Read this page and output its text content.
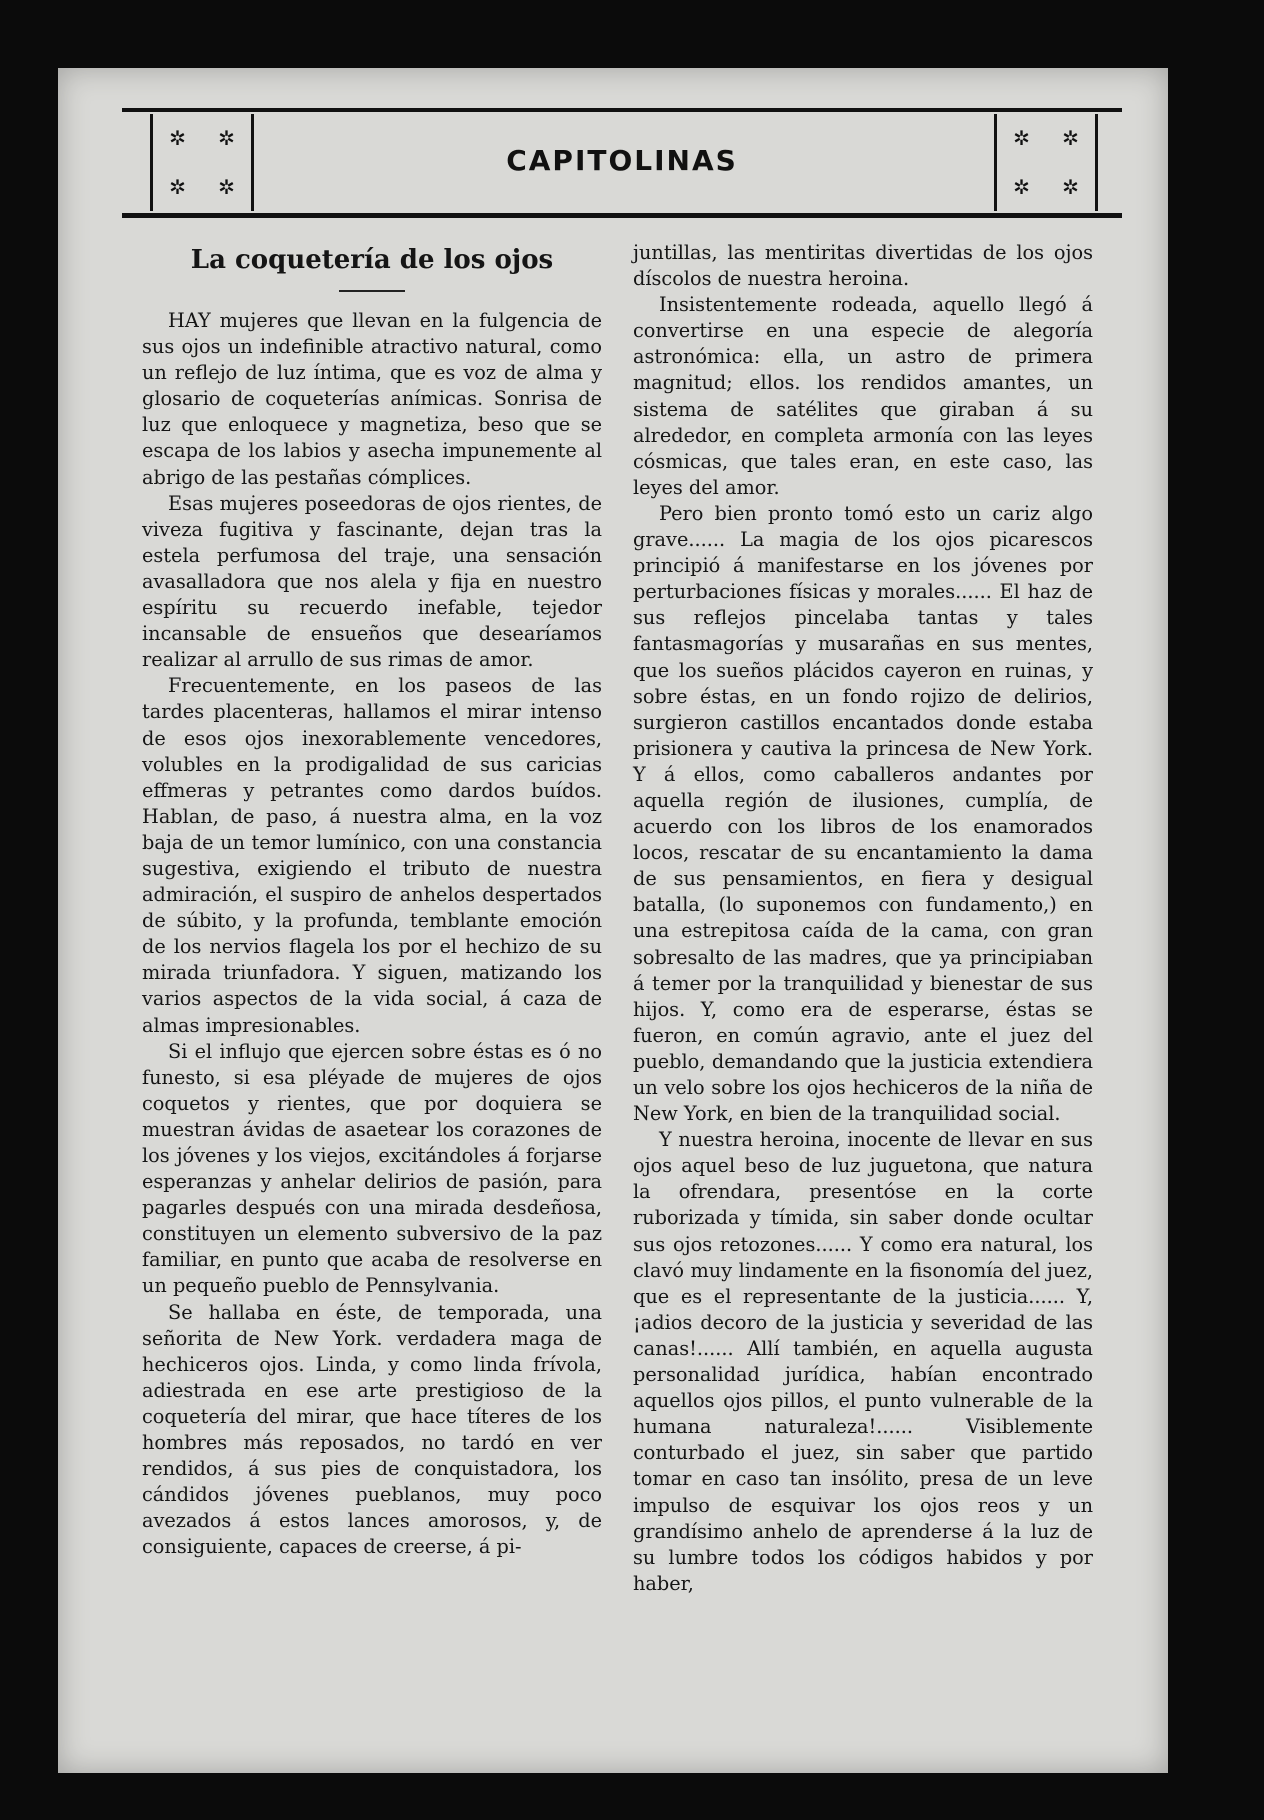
✲ ✲
✲ ✲
CAPITOLINAS
✲ ✲
✲ ✲
La coquetería de los ojos

HAY mujeres que llevan en la fulgencia de sus ojos un indefinible atractivo natural, como un reflejo de luz íntima, que es voz de alma y glosario de coqueterías anímicas. Sonrisa de luz que enloquece y magnetiza, beso que se escapa de los labios y asecha impunemente al abrigo de las pestañas cómplices.

Esas mujeres poseedoras de ojos rientes, de viveza fugitiva y fascinante, dejan tras la estela perfumosa del traje, una sensación avasalladora que nos alela y fija en nuestro espíritu su recuerdo inefable, tejedor incansable de ensueños que desearíamos realizar al arrullo de sus rimas de amor.

Frecuentemente, en los paseos de las tardes placenteras, hallamos el mirar intenso de esos ojos inexorablemente vencedores, volubles en la prodigalidad de sus caricias effmeras y petrantes como dardos buídos. Hablan, de paso, á nuestra alma, en la voz baja de un temor lumínico, con una constancia sugestiva, exigiendo el tributo de nuestra admiración, el suspiro de anhelos despertados de súbito, y la profunda, temblante emoción de los nervios flagela los por el hechizo de su mirada triunfadora. Y siguen, matizando los varios aspectos de la vida social, á caza de almas impresionables.

Si el influjo que ejercen sobre éstas es ó no funesto, si esa pléyade de mujeres de ojos coquetos y rientes, que por doquiera se muestran ávidas de asaetear los corazones de los jóvenes y los viejos, excitándoles á forjarse esperanzas y anhelar delirios de pasión, para pagarles después con una mirada desdeñosa, constituyen un elemento subversivo de la paz familiar, en punto que acaba de resolverse en un pequeño pueblo de Pennsylvania.

Se hallaba en éste, de temporada, una señorita de New York. verdadera maga de hechiceros ojos. Linda, y como linda frívola, adiestrada en ese arte prestigioso de la coquetería del mirar, que hace títeres de los hombres más reposados, no tardó en ver rendidos, á sus pies de conquistadora, los cándidos jóvenes pueblanos, muy poco avezados á estos lances amorosos, y, de consiguiente, capaces de creerse, á pi-

juntillas, las mentiritas divertidas de los ojos díscolos de nuestra heroina.

Insistentemente rodeada, aquello llegó á convertirse en una especie de alegoría astronómica: ella, un astro de primera magnitud; ellos. los rendidos amantes, un sistema de satélites que giraban á su alrededor, en completa armonía con las leyes cósmicas, que tales eran, en este caso, las leyes del amor.

Pero bien pronto tomó esto un cariz algo grave...... La magia de los ojos picarescos principió á manifestarse en los jóvenes por perturbaciones físicas y morales...... El haz de sus reflejos pincelaba tantas y tales fantasmagorías y musarañas en sus mentes, que los sueños plácidos cayeron en ruinas, y sobre éstas, en un fondo rojizo de delirios, surgieron castillos encantados donde estaba prisionera y cautiva la princesa de New York. Y á ellos, como caballeros andantes por aquella región de ilusiones, cumplía, de acuerdo con los libros de los enamorados locos, rescatar de su encantamiento la dama de sus pensamientos, en fiera y desigual batalla, (lo suponemos con fundamento,) en una estrepitosa caída de la cama, con gran sobresalto de las madres, que ya principiaban á temer por la tranquilidad y bienestar de sus hijos. Y, como era de esperarse, éstas se fueron, en común agravio, ante el juez del pueblo, demandando que la justicia extendiera un velo sobre los ojos hechiceros de la niña de New York, en bien de la tranquilidad social.

Y nuestra heroina, inocente de llevar en sus ojos aquel beso de luz juguetona, que natura la ofrendara, presentóse en la corte ruborizada y tímida, sin saber donde ocultar sus ojos retozones...... Y como era natural, los clavó muy lindamente en la fisonomía del juez, que es el representante de la justicia...... Y, ¡adios decoro de la justicia y severidad de las canas!...... Allí también, en aquella augusta personalidad jurídica, habían encontrado aquellos ojos pillos, el punto vulnerable de la humana naturaleza!...... Visiblemente conturbado el juez, sin saber que partido tomar en caso tan insólito, presa de un leve impulso de esquivar los ojos reos y un grandísimo anhelo de aprenderse á la luz de su lumbre todos los códigos habidos y por haber,
